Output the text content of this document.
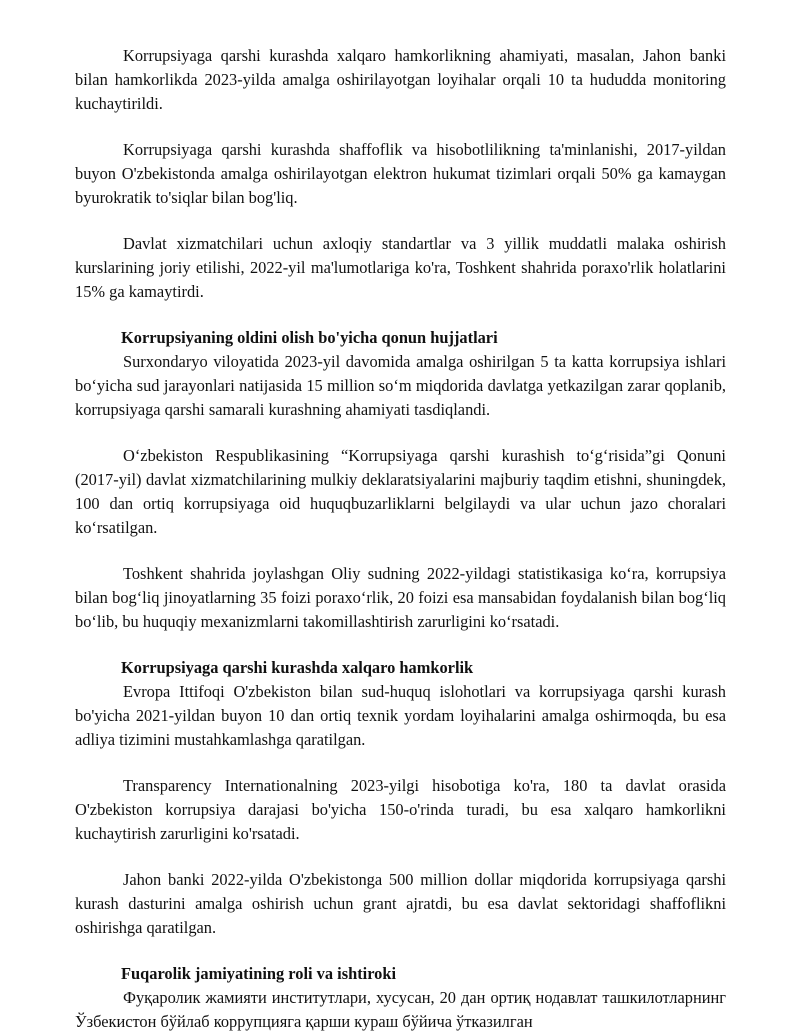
Korrupsiyaga qarshi kurashda xalqaro hamkorlikning ahamiyati, masalan, Jahon banki bilan hamkorlikda 2023-yilda amalga oshirilayotgan loyihalar orqali 10 ta hududda monitoring kuchaytirildi.

Korrupsiyaga qarshi kurashda shaffoflik va hisobotlilikning ta'minlanishi, 2017-yildan buyon O'zbekistonda amalga oshirilayotgan elektron hukumat tizimlari orqali 50% ga kamaygan byurokratik to'siqlar bilan bog'liq.

Davlat xizmatchilari uchun axloqiy standartlar va 3 yillik muddatli malaka oshirish kurslarining joriy etilishi, 2022-yil ma'lumotlariga ko'ra, Toshkent shahrida poraxo'rlik holatlarini 15% ga kamaytirdi.

Korrupsiyaning oldini olish bo'yicha qonun hujjatlari

Surxondaryo viloyatida 2023-yil davomida amalga oshirilgan 5 ta katta korrupsiya ishlari boʻyicha sud jarayonlari natijasida 15 million soʻm miqdorida davlatga yetkazilgan zarar qoplanib, korrupsiyaga qarshi samarali kurashning ahamiyati tasdiqlandi.

Oʻzbekiston Respublikasining “Korrupsiyaga qarshi kurashish toʻgʻrisida”gi Qonuni (2017-yil) davlat xizmatchilarining mulkiy deklaratsiyalarini majburiy taqdim etishni, shuningdek, 100 dan ortiq korrupsiyaga oid huquqbuzarliklarni belgilaydi va ular uchun jazo choralari koʻrsatilgan.

Toshkent shahrida joylashgan Oliy sudning 2022-yildagi statistikasiga koʻra, korrupsiya bilan bogʻliq jinoyatlarning 35 foizi poraxoʻrlik, 20 foizi esa mansabidan foydalanish bilan bogʻliq boʻlib, bu huquqiy mexanizmlarni takomillashtirish zarurligini koʻrsatadi.

Korrupsiyaga qarshi kurashda xalqaro hamkorlik

Evropa Ittifoqi O'zbekiston bilan sud-huquq islohotlari va korrupsiyaga qarshi kurash bo'yicha 2021-yildan buyon 10 dan ortiq texnik yordam loyihalarini amalga oshirmoqda, bu esa adliya tizimini mustahkamlashga qaratilgan.

Transparency Internationalning 2023-yilgi hisobotiga ko'ra, 180 ta davlat orasida O'zbekiston korrupsiya darajasi bo'yicha 150-o'rinda turadi, bu esa xalqaro hamkorlikni kuchaytirish zarurligini ko'rsatadi.

Jahon banki 2022-yilda O'zbekistonga 500 million dollar miqdorida korrupsiyaga qarshi kurash dasturini amalga oshirish uchun grant ajratdi, bu esa davlat sektoridagi shaffoflikni oshirishga qaratilgan.

Fuqarolik jamiyatining roli va ishtiroki

Фуқаролик жамияти институтлари, хусусан, 20 дан ортиқ нодавлат ташкилотларнинг Ўзбекистон бўйлаб коррупцияга қарши кураш бўйича ўтказилган
